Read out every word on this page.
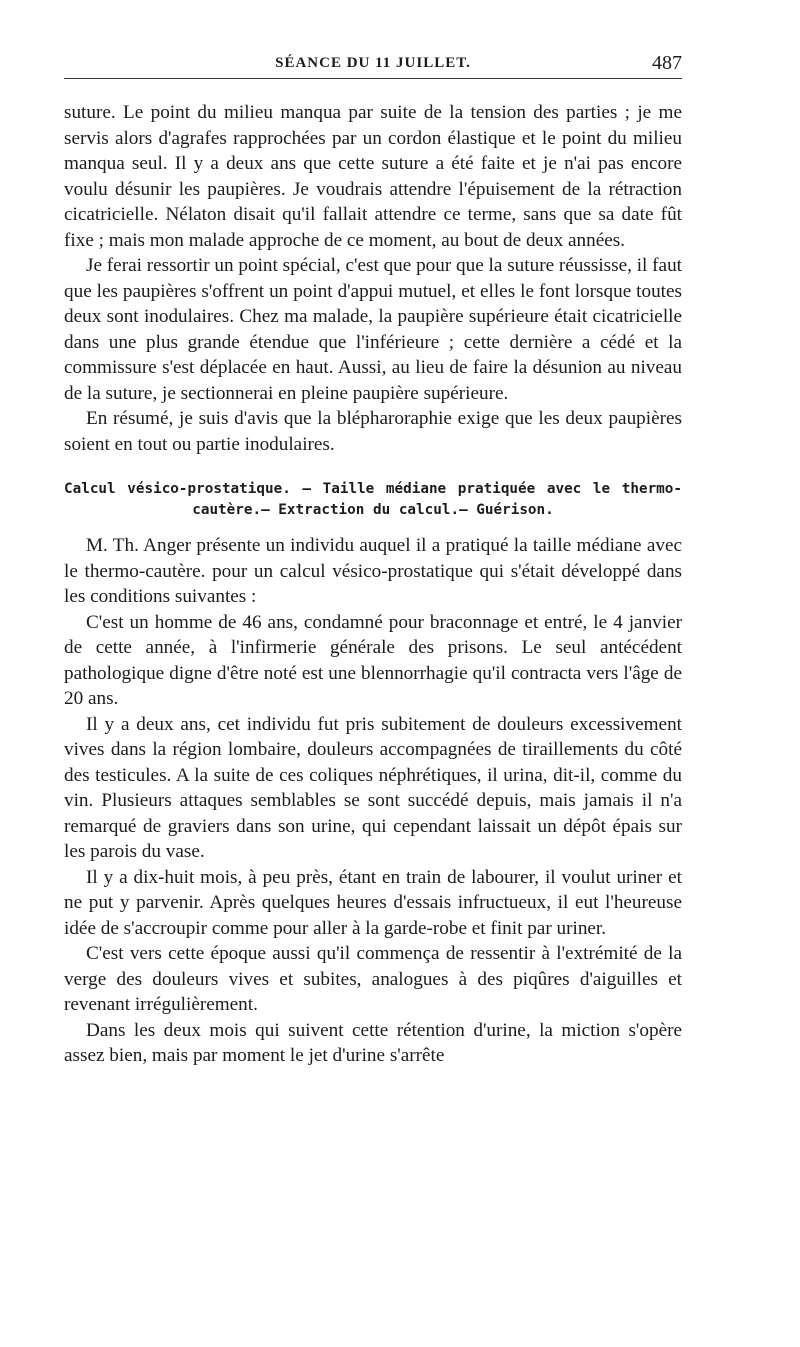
SÉANCE DU 11 JUILLET.	487

suture. Le point du milieu manqua par suite de la tension des parties ; je me servis alors d'agrafes rapprochées par un cordon élastique et le point du milieu manqua seul. Il y a deux ans que cette suture a été faite et je n'ai pas encore voulu désunir les paupières. Je voudrais attendre l'épuisement de la rétraction cicatricielle. Nélaton disait qu'il fallait attendre ce terme, sans que sa date fût fixe ; mais mon malade approche de ce moment, au bout de deux années.

Je ferai ressortir un point spécial, c'est que pour que la suture réussisse, il faut que les paupières s'offrent un point d'appui mutuel, et elles le font lorsque toutes deux sont inodulaires. Chez ma malade, la paupière supérieure était cicatricielle dans une plus grande étendue que l'inférieure ; cette dernière a cédé et la commissure s'est déplacée en haut. Aussi, au lieu de faire la désunion au niveau de la suture, je sectionnerai en pleine paupière supérieure.

En résumé, je suis d'avis que la blépharoraphie exige que les deux paupières soient en tout ou partie inodulaires.

Calcul vésico-prostatique. — Taille médiane pratiquée avec le thermo-
cautère.— Extraction du calcul.— Guérison.

M. Th. Anger présente un individu auquel il a pratiqué la taille médiane avec le thermo-cautère. pour un calcul vésico-prostatique qui s'était développé dans les conditions suivantes :

C'est un homme de 46 ans, condamné pour braconnage et entré, le 4 janvier de cette année, à l'infirmerie générale des prisons. Le seul antécédent pathologique digne d'être noté est une blennorrhagie qu'il contracta vers l'âge de 20 ans.

Il y a deux ans, cet individu fut pris subitement de douleurs excessivement vives dans la région lombaire, douleurs accompagnées de tiraillements du côté des testicules. A la suite de ces coliques néphrétiques, il urina, dit-il, comme du vin. Plusieurs attaques semblables se sont succédé depuis, mais jamais il n'a remarqué de graviers dans son urine, qui cependant laissait un dépôt épais sur les parois du vase.

Il y a dix-huit mois, à peu près, étant en train de labourer, il voulut uriner et ne put y parvenir. Après quelques heures d'essais infructueux, il eut l'heureuse idée de s'accroupir comme pour aller à la garde-robe et finit par uriner.

C'est vers cette époque aussi qu'il commença de ressentir à l'extrémité de la verge des douleurs vives et subites, analogues à des piqûres d'aiguilles et revenant irrégulièrement.

Dans les deux mois qui suivent cette rétention d'urine, la miction s'opère assez bien, mais par moment le jet d'urine s'arrête
